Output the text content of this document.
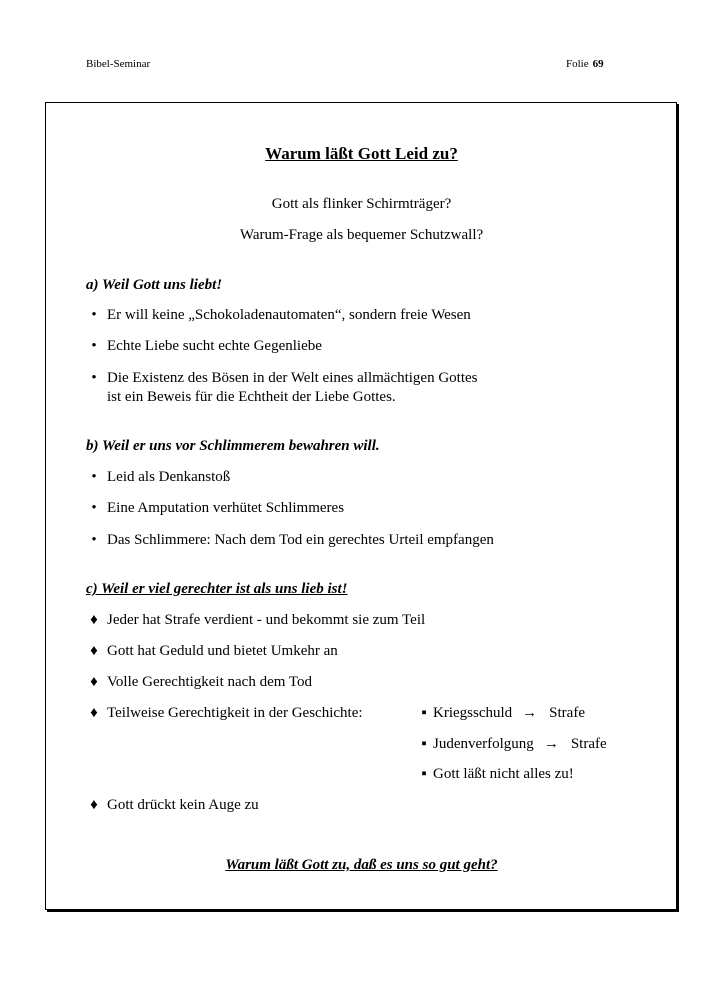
Bibel-Seminar	Folie 69
Warum läßt Gott Leid zu?
Gott als flinker Schirmträger?
Warum-Frage als bequemer Schutzwall?
a) Weil Gott uns liebt!
• Er will keine „Schokoladenautomaten“, sondern freie Wesen
• Echte Liebe sucht echte Gegenliebe
• Die Existenz des Bösen in der Welt eines allmächtigen Gottes
ist ein Beweis für die Echtheit der Liebe Gottes.
b) Weil er uns vor Schlimmerem bewahren will.
• Leid als Denkanstoß
• Eine Amputation verhütet Schlimmeres
• Das Schlimmere: Nach dem Tod ein gerechtes Urteil empfangen
c) Weil er viel gerechter ist als uns lieb ist!
♦ Jeder hat Strafe verdient - und bekommt sie zum Teil
♦ Gott hat Geduld und bietet Umkehr an
♦ Volle Gerechtigkeit nach dem Tod
♦ Teilweise Gerechtigkeit in der Geschichte:	▪ Kriegsschuld → Strafe
▪ Judenverfolgung → Strafe
▪ Gott läßt nicht alles zu!
♦ Gott drückt kein Auge zu
Warum läßt Gott zu, daß es uns so gut geht?
